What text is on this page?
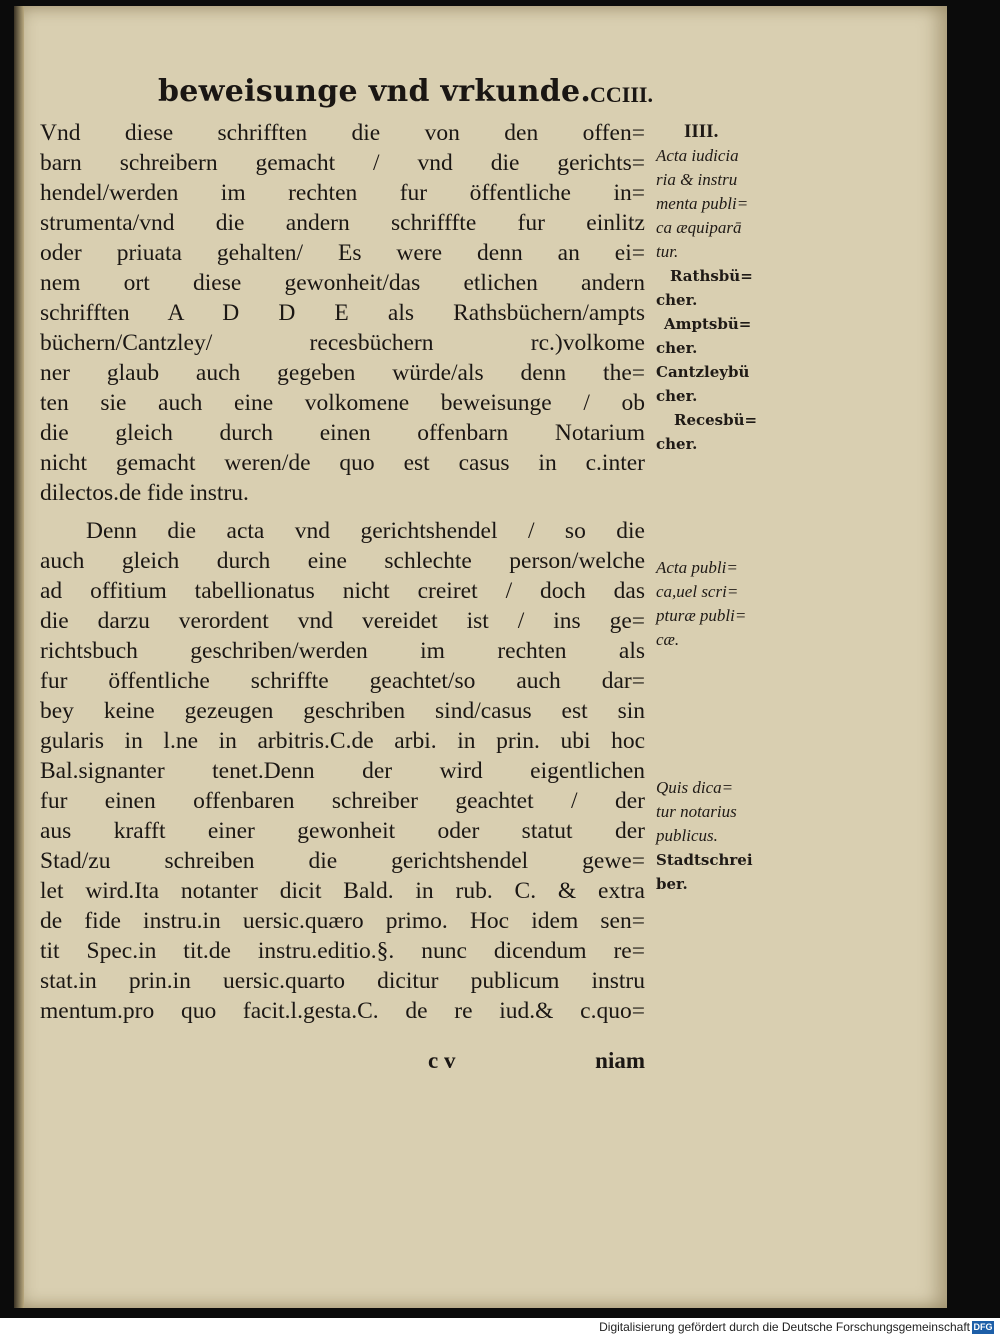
beweisunge vnd vrkunde.
CCIII.
Vnd diese schrifften die von den offen=
barn schreibern gemacht / vnd die gerichts=
hendel/werden im rechten fur öffentliche in=
strumenta/vnd die andern schrifffte fur einlitz
oder priuata gehalten/ Es were denn an ei=
nem ort diese gewonheit/das etlichen andern
schrifften A D D E als Rathsbüchern/ampts
büchern/Cantzley/ recesbüchern rc.)volkome
ner glaub auch gegeben würde/als denn the=
ten sie auch eine volkomene beweisunge / ob
die gleich durch einen offenbarn Notarium
nicht gemacht weren/de quo est casus in c.inter
dilectos.de fide instru.
Denn die acta vnd gerichtshendel / so die
auch gleich durch eine schlechte person/welche
ad offitium tabellionatus nicht creiret / doch das
die darzu verordent vnd vereidet ist / ins ge=
richtsbuch geschriben/werden im rechten als
fur öffentliche schriffte geachtet/so auch dar=
bey keine gezeugen geschriben sind/casus est sin
gularis in l.ne in arbitris.C.de arbi. in prin. ubi hoc
Bal.signanter tenet.Denn der wird eigentlichen
fur einen offenbaren schreiber geachtet / der
aus krafft einer gewonheit oder statut der
Stad/zu schreiben die gerichtshendel gewe=
let wird.Ita notanter dicit Bald. in rub. C. & extra
de fide instru.in uersic.quæro primo. Hoc idem sen=
tit Spec.in tit.de instru.editio.§. nunc dicendum re=
stat.in prin.in uersic.quarto dicitur publicum instru
mentum.pro quo facit.l.gesta.C. de re iud.& c.quo=
c v	niam
IIII.
Acta iudicia
ria & instru
menta publi=
ca æquiparā
tur.
Rathsbü=
cher.
Amptsbü=
cher.
Cantzleybü
cher.
Recesbü=
cher.
Acta publi=
ca,uel scri=
pturæ publi=
cæ.
Quis dica=
tur notarius
publicus.
Stadtschrei
ber.
Digitalisierung gefördert durch die Deutsche Forschungsgemeinschaft DFG
